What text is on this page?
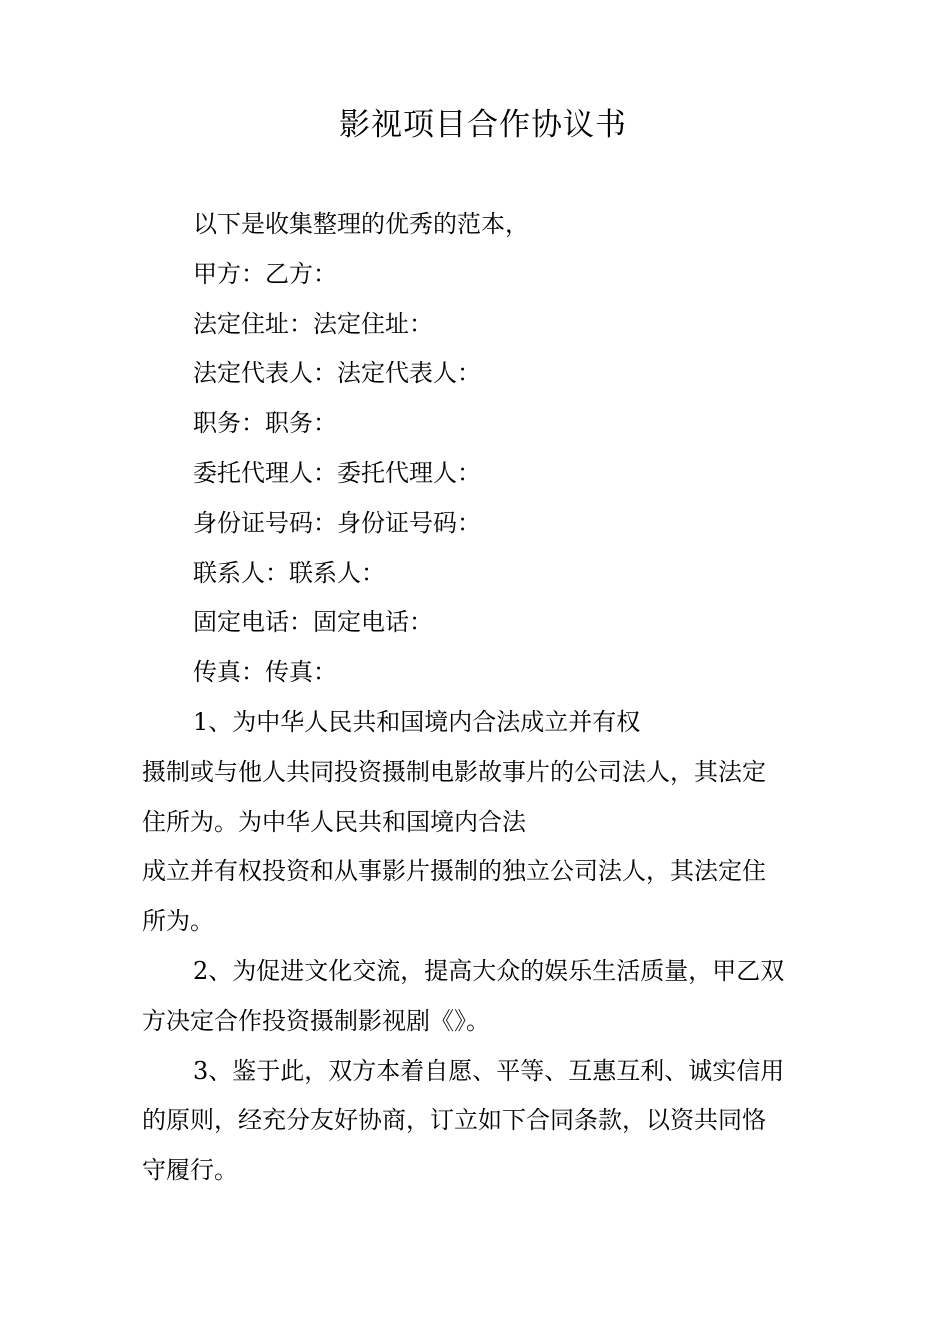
影视项目合作协议书

以下是收集整理的优秀的范本，

甲方：乙方：

法定住址：法定住址：

法定代表人：法定代表人：

职务：职务：

委托代理人：委托代理人：

身份证号码：身份证号码：

联系人：联系人：

固定电话：固定电话：

传真：传真：

1、为中华人民共和国境内合法成立并有权

摄制或与他人共同投资摄制电影故事片的公司法人，其法定

住所为。为中华人民共和国境内合法

成立并有权投资和从事影片摄制的独立公司法人，其法定住

所为。

2、为促进文化交流，提高大众的娱乐生活质量，甲乙双

方决定合作投资摄制影视剧《》。

3、鉴于此，双方本着自愿、平等、互惠互利、诚实信用

的原则，经充分友好协商，订立如下合同条款，以资共同恪

守履行。
